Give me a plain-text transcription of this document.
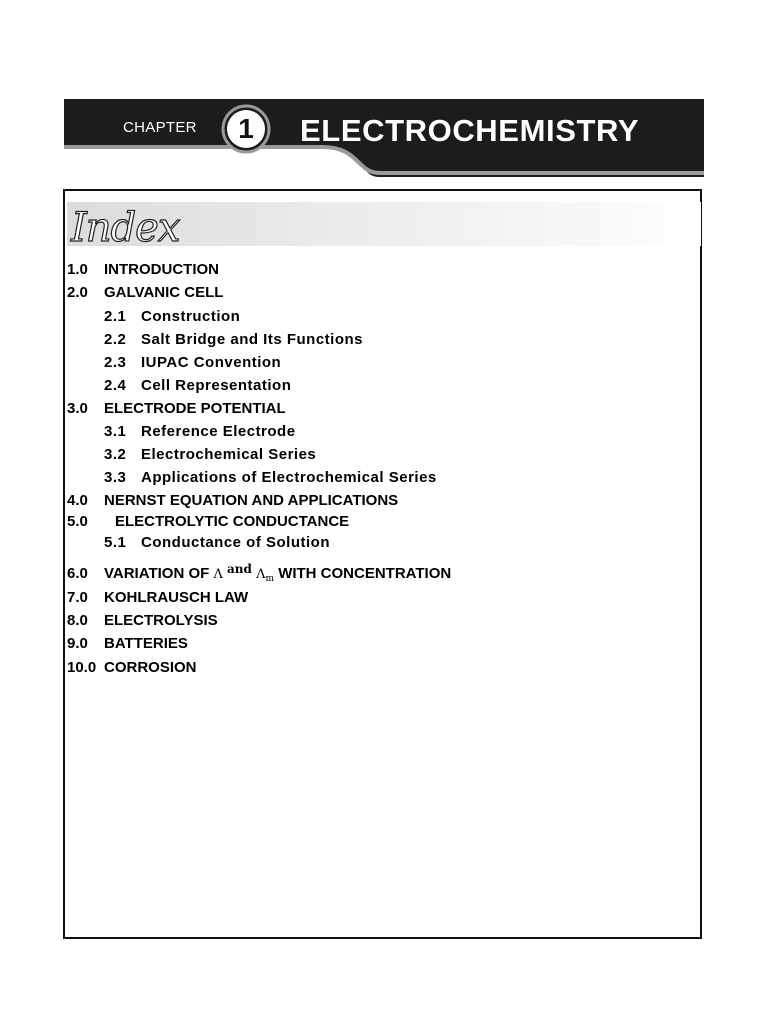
CHAPTER	1	ELECTROCHEMISTRY
Index
1.0 INTRODUCTION
2.0 GALVANIC CELL
2.1 Construction
2.2 Salt Bridge and Its Functions
2.3 IUPAC Convention
2.4 Cell Representation
3.0 ELECTRODE POTENTIAL
3.1 Reference Electrode
3.2 Electrochemical Series
3.3 Applications of Electrochemical Series
4.0 NERNST EQUATION AND APPLICATIONS
5.0 ELECTROLYTIC CONDUCTANCE
5.1 Conductance of Solution
6.0 VARIATION OF Λ $^{and}$ $\Lambda_m$ WITH CONCENTRATION
7.0 KOHLRAUSCH LAW
8.0 ELECTROLYSIS
9.0 BATTERIES
10.0 CORROSION
